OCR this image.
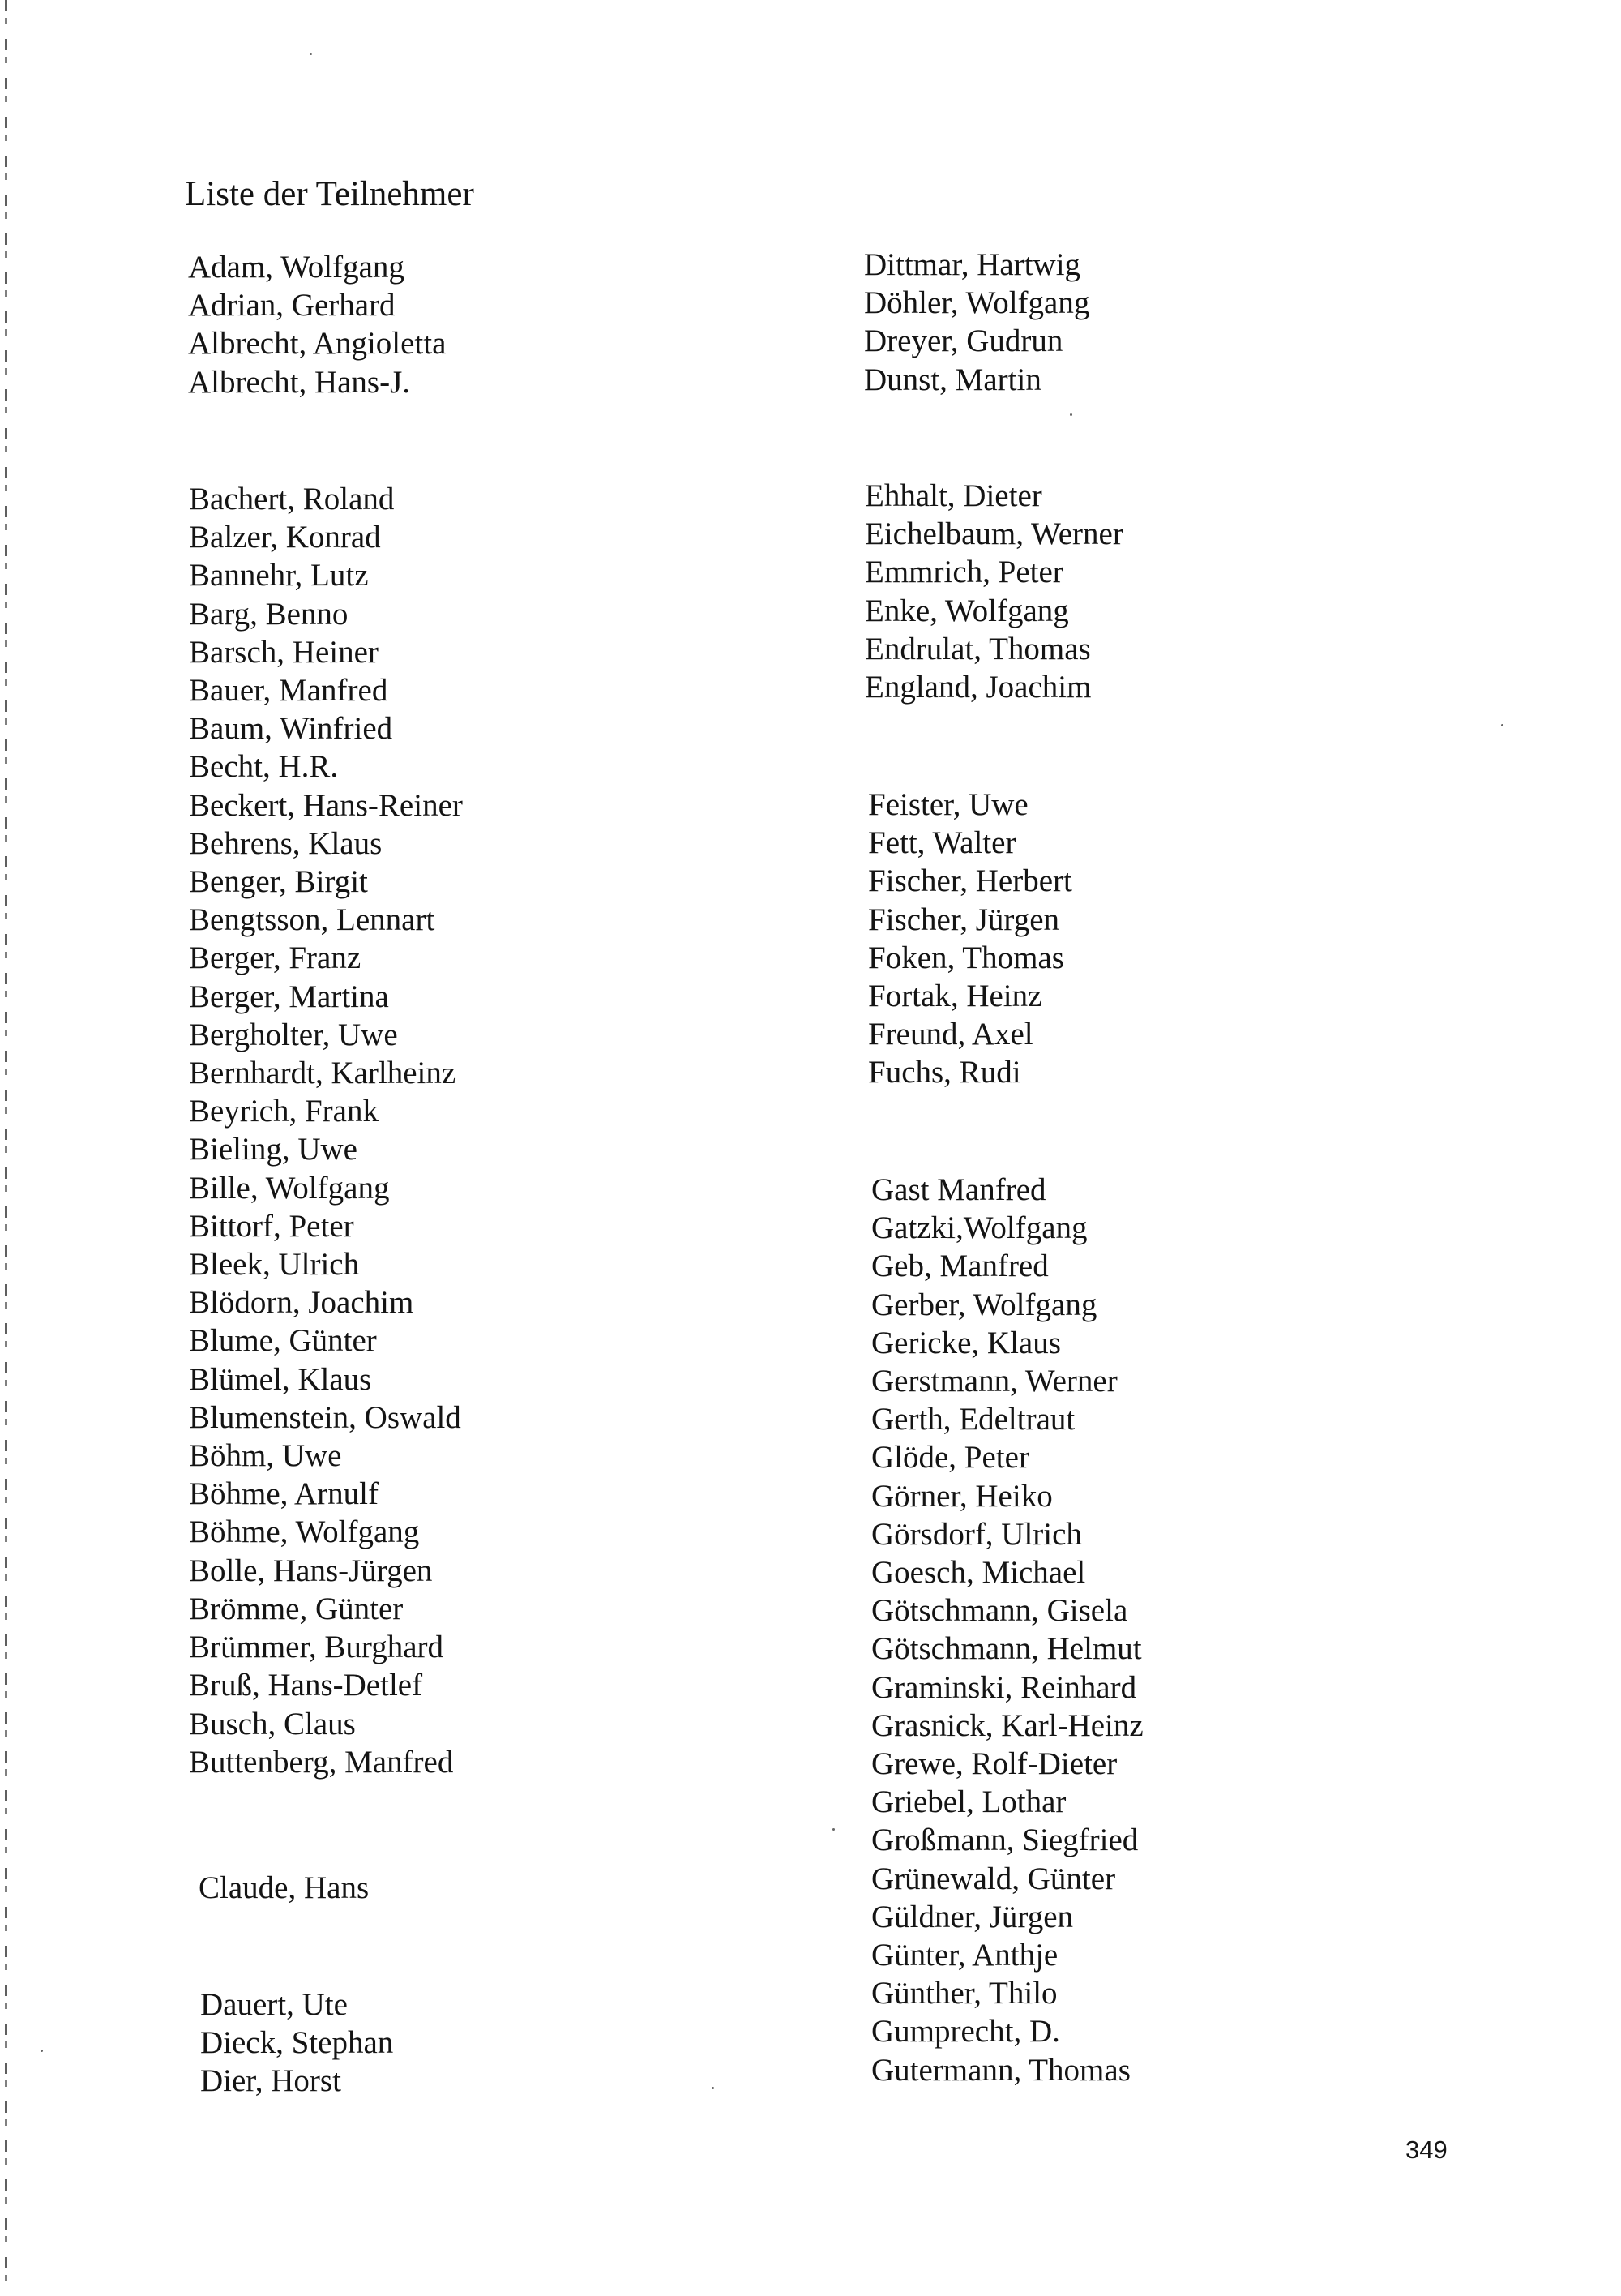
Liste der Teilnehmer
Adam, Wolfgang
Adrian, Gerhard
Albrecht, Angioletta
Albrecht, Hans-J.
Bachert, Roland
Balzer, Konrad
Bannehr, Lutz
Barg, Benno
Barsch, Heiner
Bauer, Manfred
Baum, Winfried
Becht, H.R.
Beckert, Hans-Reiner
Behrens, Klaus
Benger, Birgit
Bengtsson, Lennart
Berger, Franz
Berger, Martina
Bergholter, Uwe
Bernhardt, Karlheinz
Beyrich, Frank
Bieling, Uwe
Bille, Wolfgang
Bittorf, Peter
Bleek, Ulrich
Blödorn, Joachim
Blume, Günter
Blümel, Klaus
Blumenstein, Oswald
Böhm, Uwe
Böhme, Arnulf
Böhme, Wolfgang
Bolle, Hans-Jürgen
Brömme, Günter
Brümmer, Burghard
Bruß, Hans-Detlef
Busch, Claus
Buttenberg, Manfred
Claude, Hans
Dauert, Ute
Dieck, Stephan
Dier, Horst
Dittmar, Hartwig
Döhler, Wolfgang
Dreyer, Gudrun
Dunst, Martin
Ehhalt, Dieter
Eichelbaum, Werner
Emmrich, Peter
Enke, Wolfgang
Endrulat, Thomas
England, Joachim
Feister, Uwe
Fett, Walter
Fischer, Herbert
Fischer, Jürgen
Foken, Thomas
Fortak, Heinz
Freund, Axel
Fuchs, Rudi
Gast Manfred
Gatzki,Wolfgang
Geb, Manfred
Gerber, Wolfgang
Gericke, Klaus
Gerstmann, Werner
Gerth, Edeltraut
Glöde, Peter
Görner, Heiko
Görsdorf, Ulrich
Goesch, Michael
Götschmann, Gisela
Götschmann, Helmut
Graminski, Reinhard
Grasnick, Karl-Heinz
Grewe, Rolf-Dieter
Griebel, Lothar
Großmann, Siegfried
Grünewald, Günter
Güldner, Jürgen
Günter, Anthje
Günther, Thilo
Gumprecht, D.
Gutermann, Thomas
349
